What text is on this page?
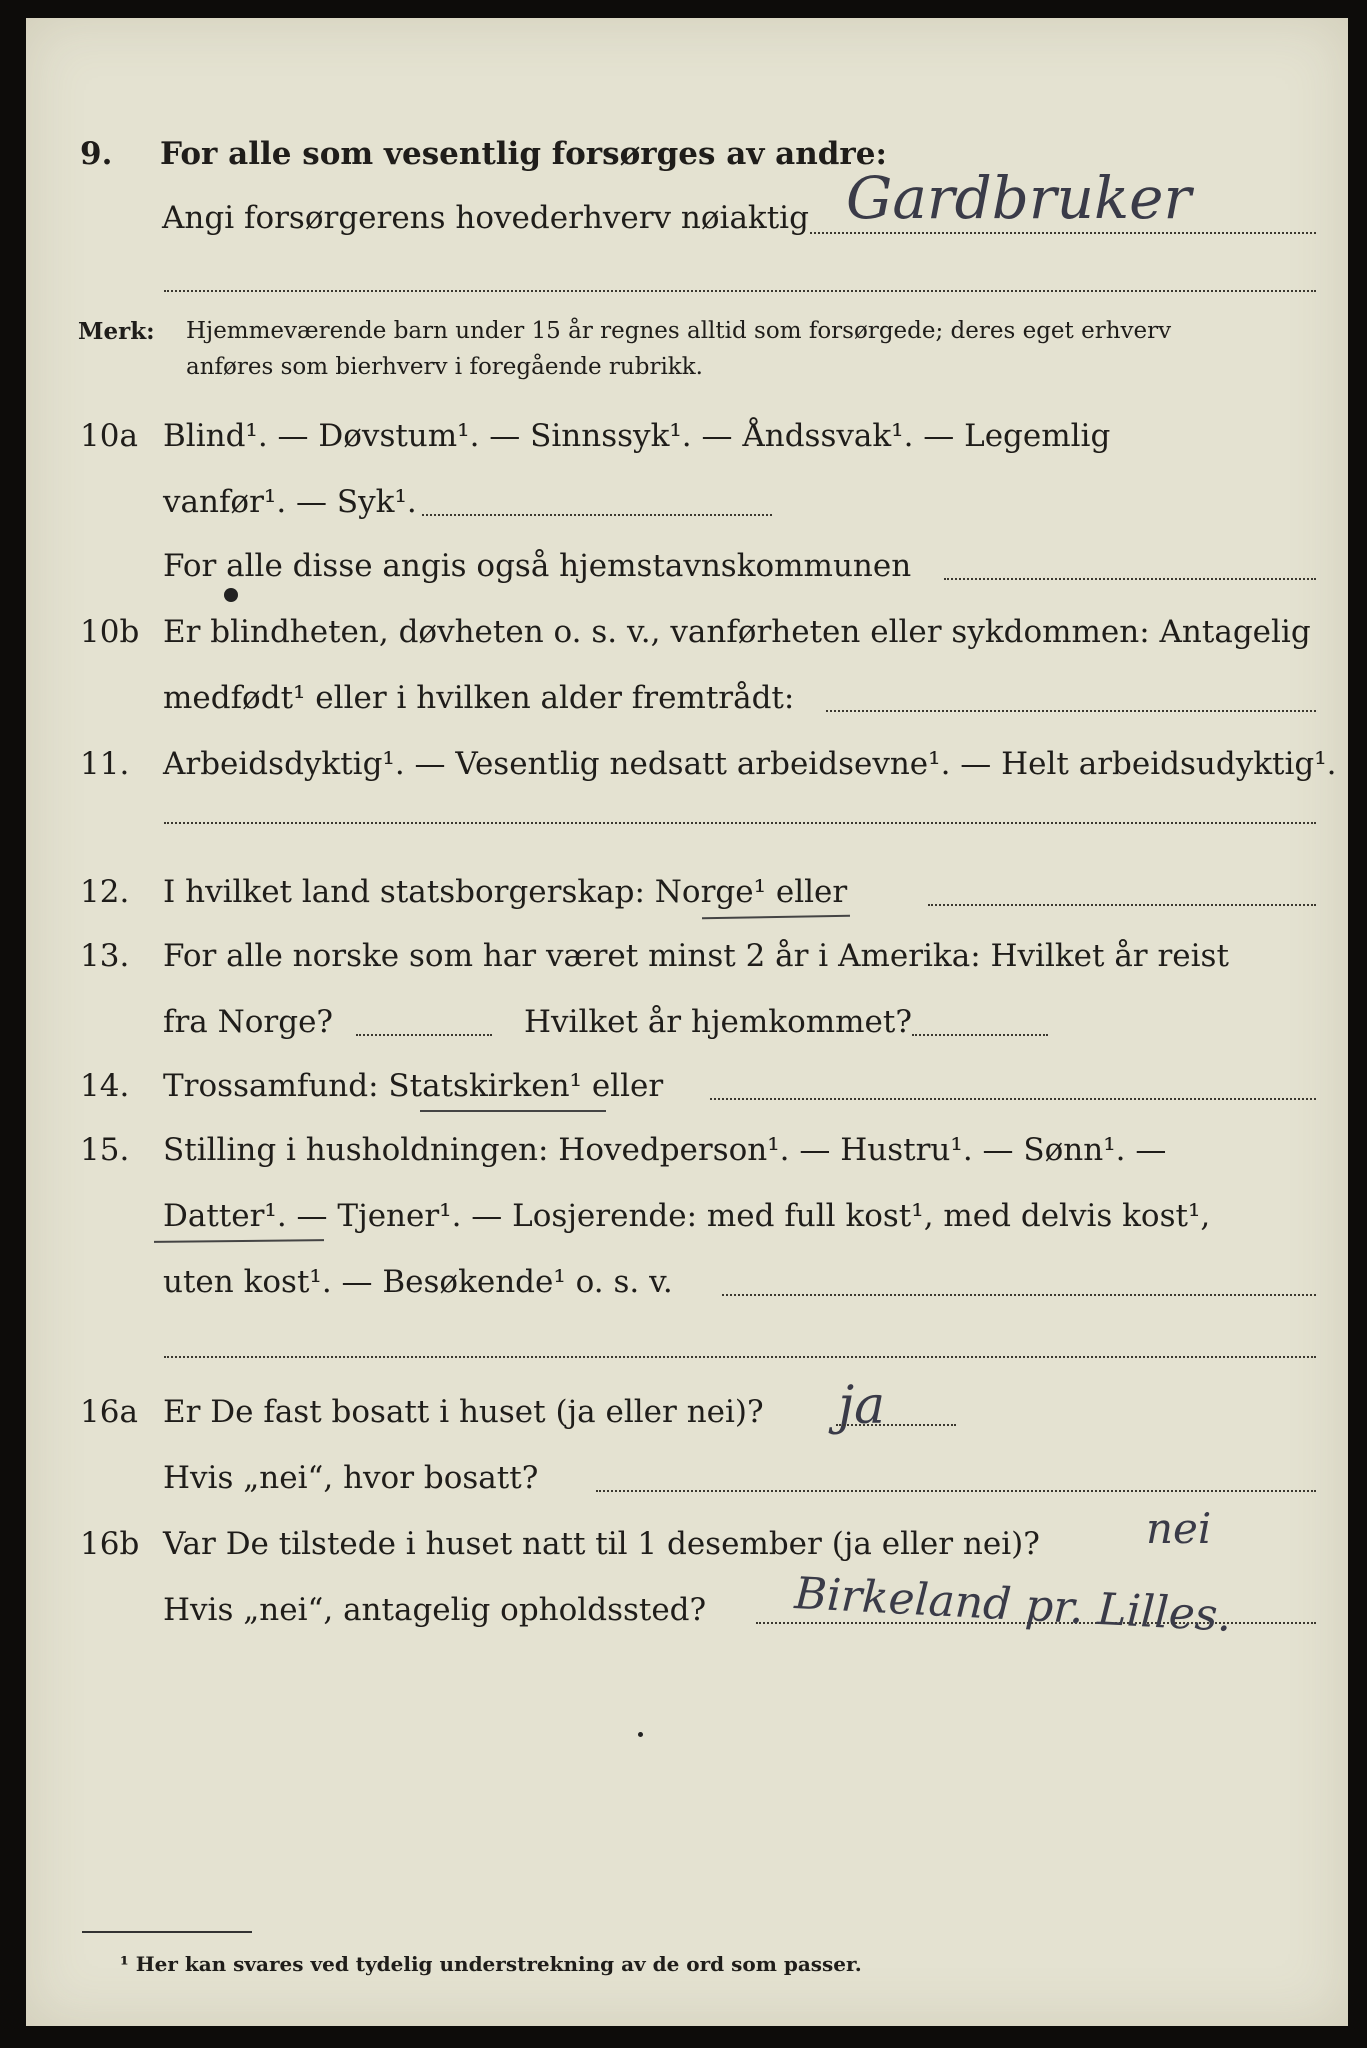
9. For alle som vesentlig forsørges av andre:
Angi forsørgerens hovederhverv nøiaktig Gardbruker
Merk: Hjemmeværende barn under 15 år regnes alltid som forsørgede; deres eget erhverv
anføres som bierhverv i foregående rubrikk.
10a Blind¹. — Døvstum¹. — Sinnssyk¹. — Åndssvak¹. — Legemlig
vanfør¹. — Syk¹.
For alle disse angis også hjemstavnskommunen
10b Er blindheten, døvheten o. s. v., vanførheten eller sykdommen: Antagelig
medfødt¹ eller i hvilken alder fremtrådt:
11. Arbeidsdyktig¹. — Vesentlig nedsatt arbeidsevne¹. — Helt arbeidsudyktig¹.
12. I hvilket land statsborgerskap: Norge¹ eller
13. For alle norske som har været minst 2 år i Amerika: Hvilket år reist
fra Norge?	Hvilket år hjemkommet?
14. Trossamfund: Statskirken¹ eller
15. Stilling i husholdningen: Hovedperson¹. — Hustru¹. — Sønn¹. —
Datter¹. — Tjener¹. — Losjerende: med full kost¹, med delvis kost¹,
uten kost¹. — Besøkende¹ o. s. v.
16a Er De fast bosatt i huset (ja eller nei)? ja
Hvis „nei“, hvor bosatt?
16b Var De tilstede i huset natt til 1 desember (ja eller nei)?	nei
Hvis „nei“, antagelig opholdssted? Birkeland pr. Lilles.
¹ Her kan svares ved tydelig understrekning av de ord som passer.
